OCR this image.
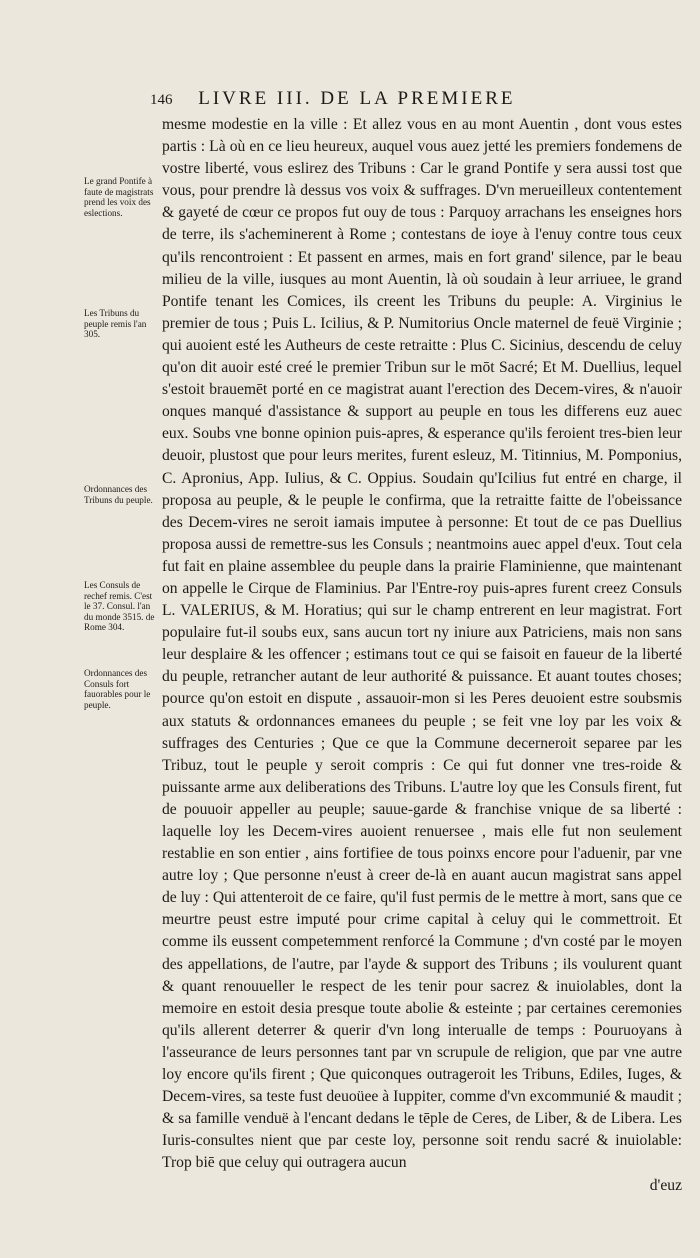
146 LIVRE III. DE LA PREMIERE
Le grand Pontife à faute de magistrats prend les voix des eslections.
Les Tribuns du peuple remis l'an 305.
Ordonnances des Tribuns du peuple.
Les Consuls de rechef remis. C'est le 37. Consul. l'an du monde 3515. de Rome 304.
Ordonnances des Consuls fort fauorables pour le peuple.

mesme modestie en la ville : Et allez vous en au mont Auentin , dont vous estes partis : Là où en ce lieu heureux, auquel vous auez jetté les premiers fondemens de vostre liberté, vous eslirez des Tribuns : Car le grand Pontife y sera aussi tost que vous, pour prendre là dessus vos voix & suffrages. D'vn merueilleux contentement & gayeté de cœur ce propos fut ouy de tous : Parquoy arrachans les enseignes hors de terre, ils s'acheminerent à Rome ; contestans de ioye à l'enuy contre tous ceux qu'ils rencontroient : Et passent en armes, mais en fort grand' silence, par le beau milieu de la ville, iusques au mont Auentin, là où soudain à leur arriuee, le grand Pontife tenant les Comices, ils creent les Tribuns du peuple: A. Virginius le premier de tous ; Puis L. Icilius, & P. Numitorius Oncle maternel de feuë Virginie ; qui auoient esté les Autheurs de ceste retraitte : Plus C. Sicinius, descendu de celuy qu'on dit auoir esté creé le premier Tribun sur le mōt Sacré; Et M. Duellius, lequel s'estoit brauemēt porté en ce magistrat auant l'erection des Decem-vires, & n'auoir onques manqué d'assistance & support au peuple en tous les differens euz auec eux. Soubs vne bonne opinion puis-apres, & esperance qu'ils feroient tres-bien leur deuoir, plustost que pour leurs merites, furent esleuz, M. Titinnius, M. Pomponius, C. Apronius, App. Iulius, & C. Oppius. Soudain qu'Icilius fut entré en charge, il proposa au peuple, & le peuple le confirma, que la retraitte faitte de l'obeissance des Decem-vires ne seroit iamais imputee à personne: Et tout de ce pas Duellius proposa aussi de remettre-sus les Consuls ; neantmoins auec appel d'eux. Tout cela fut fait en plaine assemblee du peuple dans la prairie Flaminienne, que maintenant on appelle le Cirque de Flaminius. Par l'Entre-roy puis-apres furent creez Consuls L. VALERIUS, & M. Horatius; qui sur le champ entrerent en leur magistrat. Fort populaire fut-il soubs eux, sans aucun tort ny iniure aux Patriciens, mais non sans leur desplaire & les offencer ; estimans tout ce qui se faisoit en faueur de la liberté du peuple, retrancher autant de leur authorité & puissance. Et auant toutes choses; pource qu'on estoit en dispute , assauoir-mon si les Peres deuoient estre soubsmis aux statuts & ordonnances emanees du peuple ; se feit vne loy par les voix & suffrages des Centuries ; Que ce que la Commune decerneroit separee par les Tribuz, tout le peuple y seroit compris : Ce qui fut donner vne tres-roide & puissante arme aux deliberations des Tribuns. L'autre loy que les Consuls firent, fut de pouuoir appeller au peuple; sauue-garde & franchise vnique de sa liberté : laquelle loy les Decem-vires auoient renuersee , mais elle fut non seulement restablie en son entier , ains fortifiee de tous poinxs encore pour l'aduenir, par vne autre loy ; Que personne n'eust à creer de-là en auant aucun magistrat sans appel de luy : Qui attenteroit de ce faire, qu'il fust permis de le mettre à mort, sans que ce meurtre peust estre imputé pour crime capital à celuy qui le commettroit. Et comme ils eussent competemment renforcé la Commune ; d'vn costé par le moyen des appellations, de l'autre, par l'ayde & support des Tribuns ; ils voulurent quant & quant renouueller le respect de les tenir pour sacrez & inuiolables, dont la memoire en estoit desia presque toute abolie & esteinte ; par certaines ceremonies qu'ils allerent deterrer & querir d'vn long interualle de temps : Pouruoyans à l'asseurance de leurs personnes tant par vn scrupule de religion, que par vne autre loy encore qu'ils firent ; Que quiconques outrageroit les Tribuns, Ediles, Iuges, & Decem-vires, sa teste fust deuoüee à Iuppiter, comme d'vn excommunié & maudit ; & sa famille venduë à l'encant dedans le tēple de Ceres, de Liber, & de Libera. Les Iuris-consultes nient que par ceste loy, personne soit rendu sacré & inuiolable: Trop biē que celuy qui outragera aucun

d'euz
